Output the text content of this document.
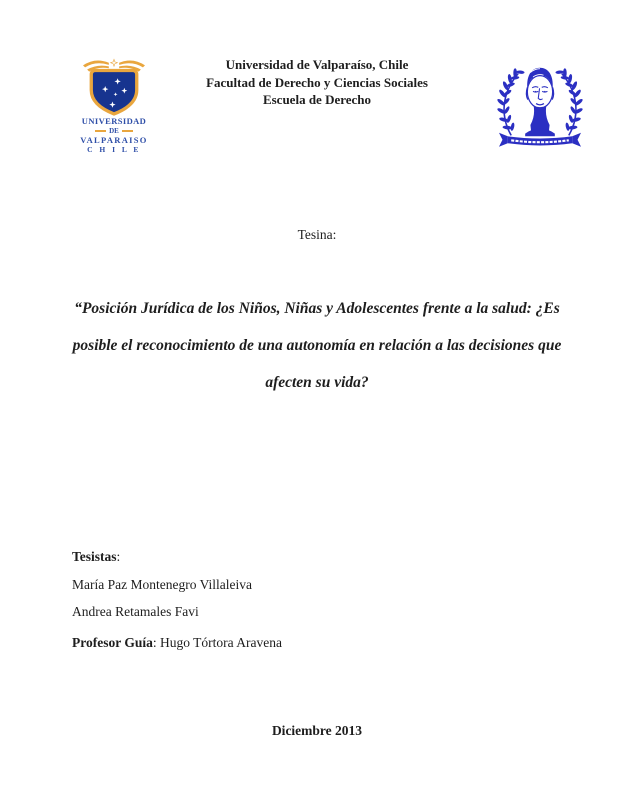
UNIVERSIDAD
DE
VALPARAISO
C H I L E
Universidad de Valparaíso, Chile
Facultad de Derecho y Ciencias Sociales
Escuela de Derecho
Tesina:
“Posición Jurídica de los Niños, Niñas y Adolescentes frente a la salud: ¿Es
posible el reconocimiento de una autonomía en relación a las decisiones que
afecten su vida?
Tesistas:
María Paz Montenegro Villaleiva
Andrea Retamales Favi
Profesor Guía: Hugo Tórtora Aravena
Diciembre 2013
